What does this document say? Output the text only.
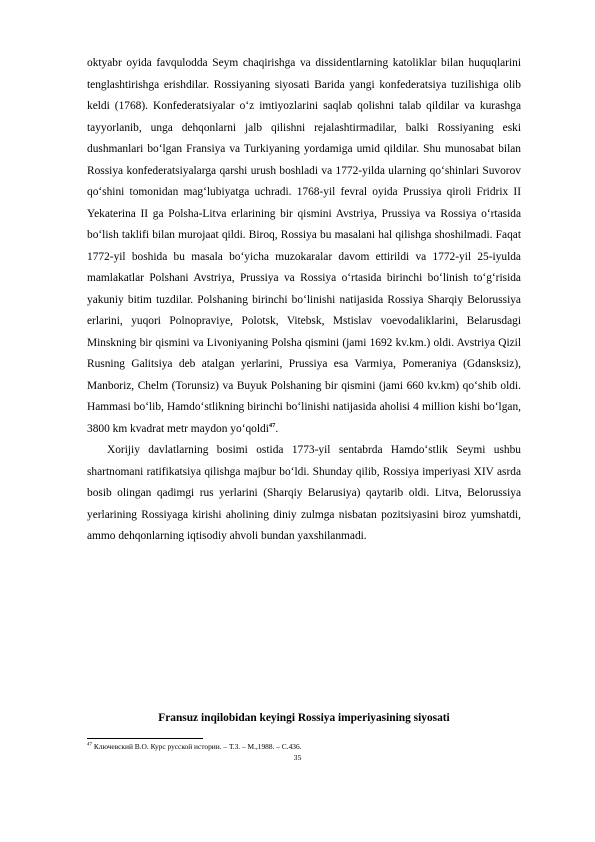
oktyabr oyida favqulodda Seym chaqirishga va dissidentlarning katoliklar bilan huquqlarini tenglashtirishga erishdilar. Rossiyaning siyosati Barida yangi konfederatsiya tuzilishiga olib keldi (1768). Konfederatsiyalar o‘z imtiyozlarini saqlab qolishni talab qildilar va kurashga tayyorlanib, unga dehqonlarni jalb qilishni rejalashtirmadilar, balki Rossiyaning eski dushmanlari bo‘lgan Fransiya va Turkiyaning yordamiga umid qildilar. Shu munosabat bilan Rossiya konfederatsiyalarga qarshi urush boshladi va 1772-yilda ularning qo‘shinlari Suvorov qo‘shini tomonidan mag‘lubiyatga uchradi. 1768-yil fevral oyida Prussiya qiroli Fridrix II Yekaterina II ga Polsha-Litva erlarining bir qismini Avstriya, Prussiya va Rossiya o‘rtasida bo‘lish taklifi bilan murojaat qildi. Biroq, Rossiya bu masalani hal qilishga shoshilmadi. Faqat 1772-yil boshida bu masala bo‘yicha muzokaralar davom ettirildi va 1772-yil 25-iyulda mamlakatlar Polshani Avstriya, Prussiya va Rossiya o‘rtasida birinchi bo‘linish to‘g‘risida yakuniy bitim tuzdilar. Polshaning birinchi bo‘linishi natijasida Rossiya Sharqiy Belorussiya erlarini, yuqori Polnopraviye, Polotsk, Vitebsk, Mstislav voevodaliklarini, Belarusdagi Minskning bir qismini va Livoniyaning Polsha qismini (jami 1692 kv.km.) oldi. Avstriya Qizil Rusning Galitsiya deb atalgan yerlarini, Prussiya esa Varmiya, Pomeraniya (Gdansksiz), Manboriz, Chelm (Torunsiz) va Buyuk Polshaning bir qismini (jami 660 kv.km) qo‘shib oldi. Hammasi bo‘lib, Hamdo‘stlikning birinchi bo‘linishi natijasida aholisi 4 million kishi bo‘lgan, 3800 km kvadrat metr maydon yo‘qoldi$^{47}$.

Xorijiy davlatlarning bosimi ostida 1773-yil sentabrda Hamdo‘stlik Seymi ushbu shartnomani ratifikatsiya qilishga majbur bo‘ldi. Shunday qilib, Rossiya imperiyasi XIV asrda bosib olingan qadimgi rus yerlarini (Sharqiy Belarusiya) qaytarib oldi. Litva, Belorussiya yerlarining Rossiyaga kirishi aholining diniy zulmga nisbatan pozitsiyasini biroz yumshatdi, ammo dehqonlarning iqtisodiy ahvoli bundan yaxshilanmadi.

Fransuz inqilobidan keyingi Rossiya imperiyasining siyosati
$^{47}$ Ключевский В.О. Курс русской истории. – Т.3. – М.,1988. – С.436.
35
